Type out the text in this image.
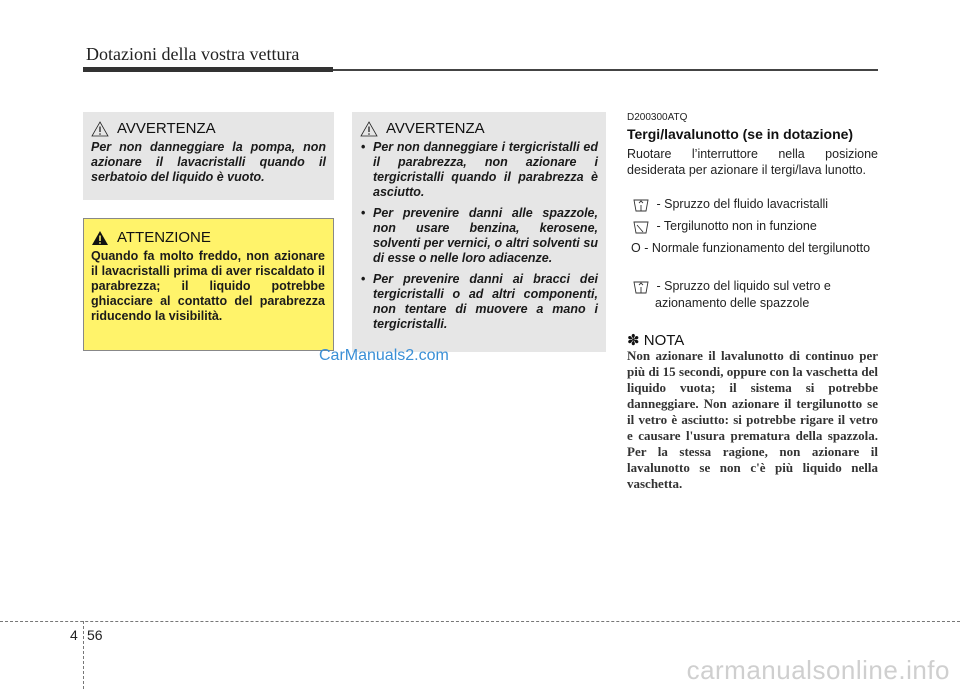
Dotazioni della vostra vettura
AVVERTENZA
Per non danneggiare la pompa, non azionare il lavacristalli quando il serbatoio del liquido è vuoto.
ATTENZIONE
Quando fa molto freddo, non azionare il lavacristalli prima di aver riscaldato il parabrezza; il liquido potrebbe ghiacciare al contatto del parabrezza riducendo la visibilità.
AVVERTENZA
• Per non danneggiare i tergicristalli ed il parabrezza, non azionare i tergicristalli quando il parabrezza è asciutto.
• Per prevenire danni alle spazzole, non usare benzina, kerosene, solventi per vernici, o altri solventi su di esse o nelle loro adiacenze.
• Per prevenire danni ai bracci dei tergicristalli o ad altri componenti, non tentare di muovere a mano i tergicristalli.
CarManuals2.com
D200300ATQ
Tergi/lavalunotto (se in dotazione)
Ruotare l’interruttore nella posizione desiderata per azionare il tergi/lava lunotto.
- Spruzzo del fluido lavacristalli
- Tergilunotto non in funzione
O - Normale funzionamento del tergilunotto
- Spruzzo del liquido sul vetro e azionamento delle spazzole
✽ NOTA
Non azionare il lavalunotto di continuo per più di 15 secondi, oppure con la vaschetta del liquido vuota; il sistema si potrebbe danneggiare. Non azionare il tergilunotto se il vetro è asciutto: si potrebbe rigare il vetro e causare l'usura prematura della spazzola. Per la stessa ragione, non azionare il lavalunotto se non c'è più liquido nella vaschetta.
4 56
carmanualsonline.info
